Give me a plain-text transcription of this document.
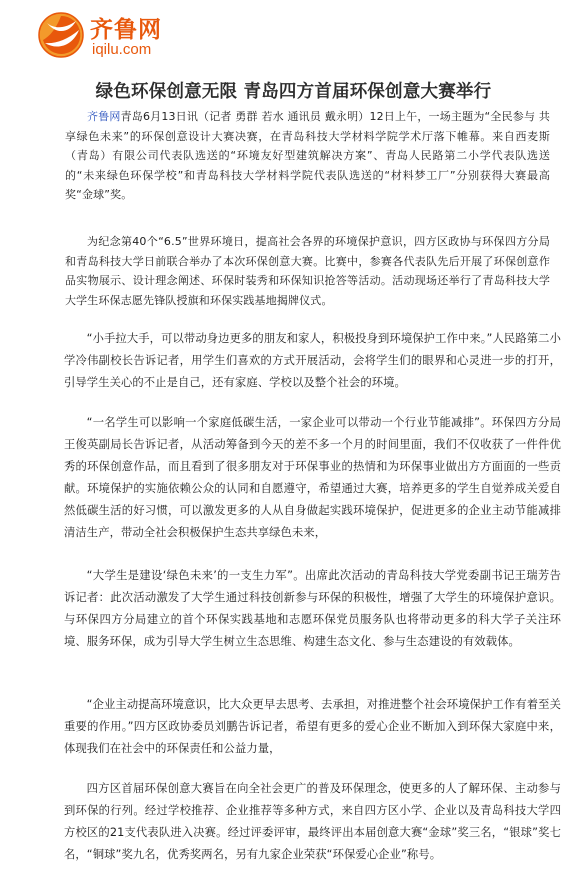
齐鲁网
iqilu.com
绿色环保创意无限 青岛四方首届环保创意大赛举行

齐鲁网青岛6月13日讯（记者 勇群 若水 通讯员 戴永明）12日上午，一场主题为“全民参与 共享绿色未来”的环保创意设计大赛决赛，在青岛科技大学材料学院学术厅落下帷幕。来自西麦斯（青岛）有限公司代表队选送的“环境友好型建筑解决方案”、青岛人民路第二小学代表队选送的“未来绿色环保学校”和青岛科技大学材料学院代表队选送的“材料梦工厂”分别获得大赛最高奖“金球”奖。

为纪念第40个“6.5”世界环境日，提高社会各界的环境保护意识，四方区政协与环保四方分局和青岛科技大学日前联合举办了本次环保创意大赛。比赛中，参赛各代表队先后开展了环保创意作品实物展示、设计理念阐述、环保时装秀和环保知识抢答等活动。活动现场还举行了青岛科技大学大学生环保志愿先锋队授旗和环保实践基地揭牌仪式。

“小手拉大手，可以带动身边更多的朋友和家人，积极投身到环境保护工作中来。”人民路第二小学冷伟副校长告诉记者，用学生们喜欢的方式开展活动，会将学生们的眼界和心灵进一步的打开，引导学生关心的不止是自己，还有家庭、学校以及整个社会的环境。

“一名学生可以影响一个家庭低碳生活，一家企业可以带动一个行业节能减排”。环保四方分局王俊英副局长告诉记者，从活动筹备到今天的差不多一个月的时间里面，我们不仅收获了一件件优秀的环保创意作品，而且看到了很多朋友对于环保事业的热情和为环保事业做出方方面面的一些贡献。环境保护的实施依赖公众的认同和自愿遵守，希望通过大赛，培养更多的学生自觉养成关爱自然低碳生活的好习惯，可以激发更多的人从自身做起实践环境保护，促进更多的企业主动节能减排清洁生产，带动全社会积极保护生态共享绿色未来，

“大学生是建设‘绿色未来’的一支生力军”。出席此次活动的青岛科技大学党委副书记王瑞芳告诉记者：此次活动激发了大学生通过科技创新参与环保的积极性，增强了大学生的环境保护意识。与环保四方分局建立的首个环保实践基地和志愿环保党员服务队也将带动更多的科大学子关注环境、服务环保，成为引导大学生树立生态思维、构建生态文化、参与生态建设的有效载体。

“企业主动提高环境意识，比大众更早去思考、去承担，对推进整个社会环境保护工作有着至关重要的作用。”四方区政协委员刘鹏告诉记者，希望有更多的爱心企业不断加入到环保大家庭中来，体现我们在社会中的环保责任和公益力量，

四方区首届环保创意大赛旨在向全社会更广的普及环保理念，使更多的人了解环保、主动参与到环保的行列。经过学校推荐、企业推荐等多种方式，来自四方区小学、企业以及青岛科技大学四方校区的21支代表队进入决赛。经过评委评审，最终评出本届创意大赛“金球”奖三名，“银球”奖七名，“铜球”奖九名，优秀奖两名，另有九家企业荣获“环保爱心企业”称号。
